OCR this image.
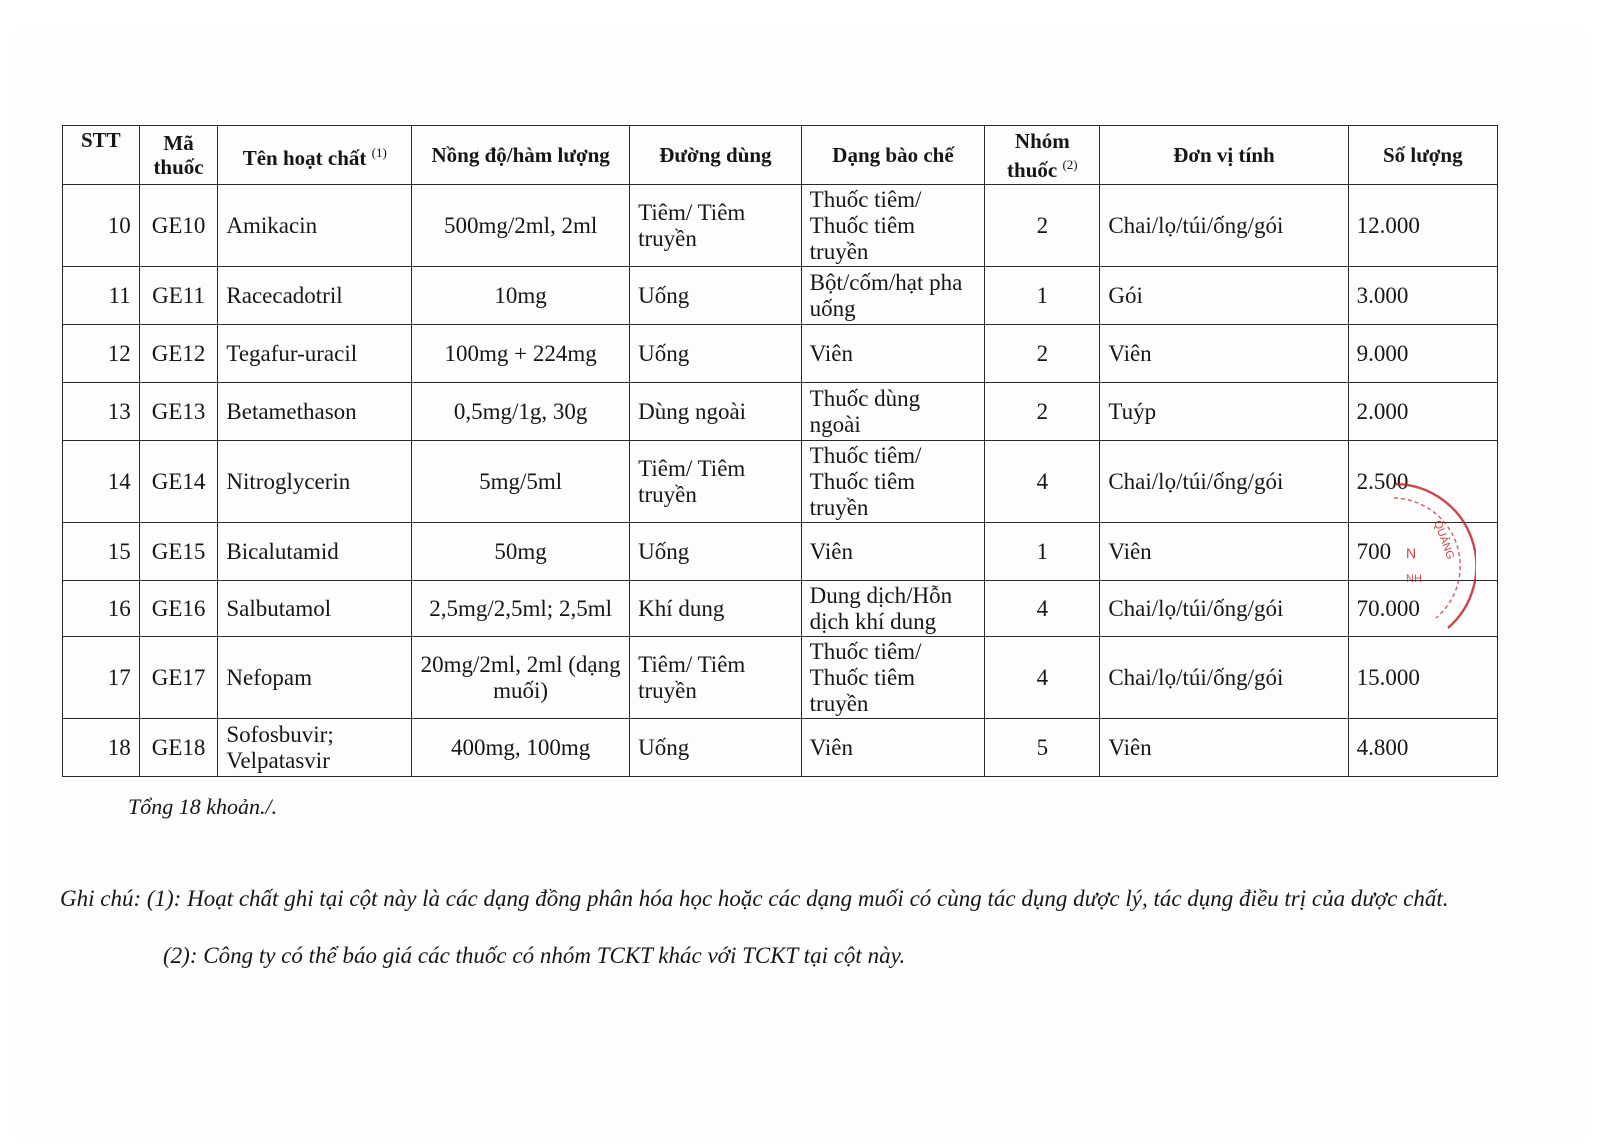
STT	Mã thuốc	Tên hoạt chất $^{(1)}$	Nồng độ/hàm lượng	Đường dùng	Dạng bào chế	Nhóm thuốc $^{(2)}$	Đơn vị tính	Số lượng
10	GE10	Amikacin	500mg/2ml, 2ml	Tiêm/ Tiêm truyền	Thuốc tiêm/ Thuốc tiêm truyền	2	Chai/lọ/túi/ống/gói	12.000
11	GE11	Racecadotril	10mg	Uống	Bột/cốm/hạt pha uống	1	Gói	3.000
12	GE12	Tegafur-uracil	100mg + 224mg	Uống	Viên	2	Viên	9.000
13	GE13	Betamethason	0,5mg/1g, 30g	Dùng ngoài	Thuốc dùng ngoài	2	Tuýp	2.000
14	GE14	Nitroglycerin	5mg/5ml	Tiêm/ Tiêm truyền	Thuốc tiêm/ Thuốc tiêm truyền	4	Chai/lọ/túi/ống/gói	2.500
15	GE15	Bicalutamid	50mg	Uống	Viên	1	Viên	700
16	GE16	Salbutamol	2,5mg/2,5ml; 2,5ml	Khí dung	Dung dịch/Hỗn dịch khí dung	4	Chai/lọ/túi/ống/gói	70.000
17	GE17	Nefopam	20mg/2ml, 2ml (dạng muối)	Tiêm/ Tiêm truyền	Thuốc tiêm/ Thuốc tiêm truyền	4	Chai/lọ/túi/ống/gói	15.000
18	GE18	Sofosbuvir; Velpatasvir	400mg, 100mg	Uống	Viên	5	Viên	4.800
Tổng 18 khoản./.
Ghi chú: (1): Hoạt chất ghi tại cột này là các dạng đồng phân hóa học hoặc các dạng muối có cùng tác dụng dược lý, tác dụng điều trị của dược chất.
(2): Công ty có thể báo giá các thuốc có nhóm TCKT khác với TCKT tại cột này.
QUẢNG
N
NH
